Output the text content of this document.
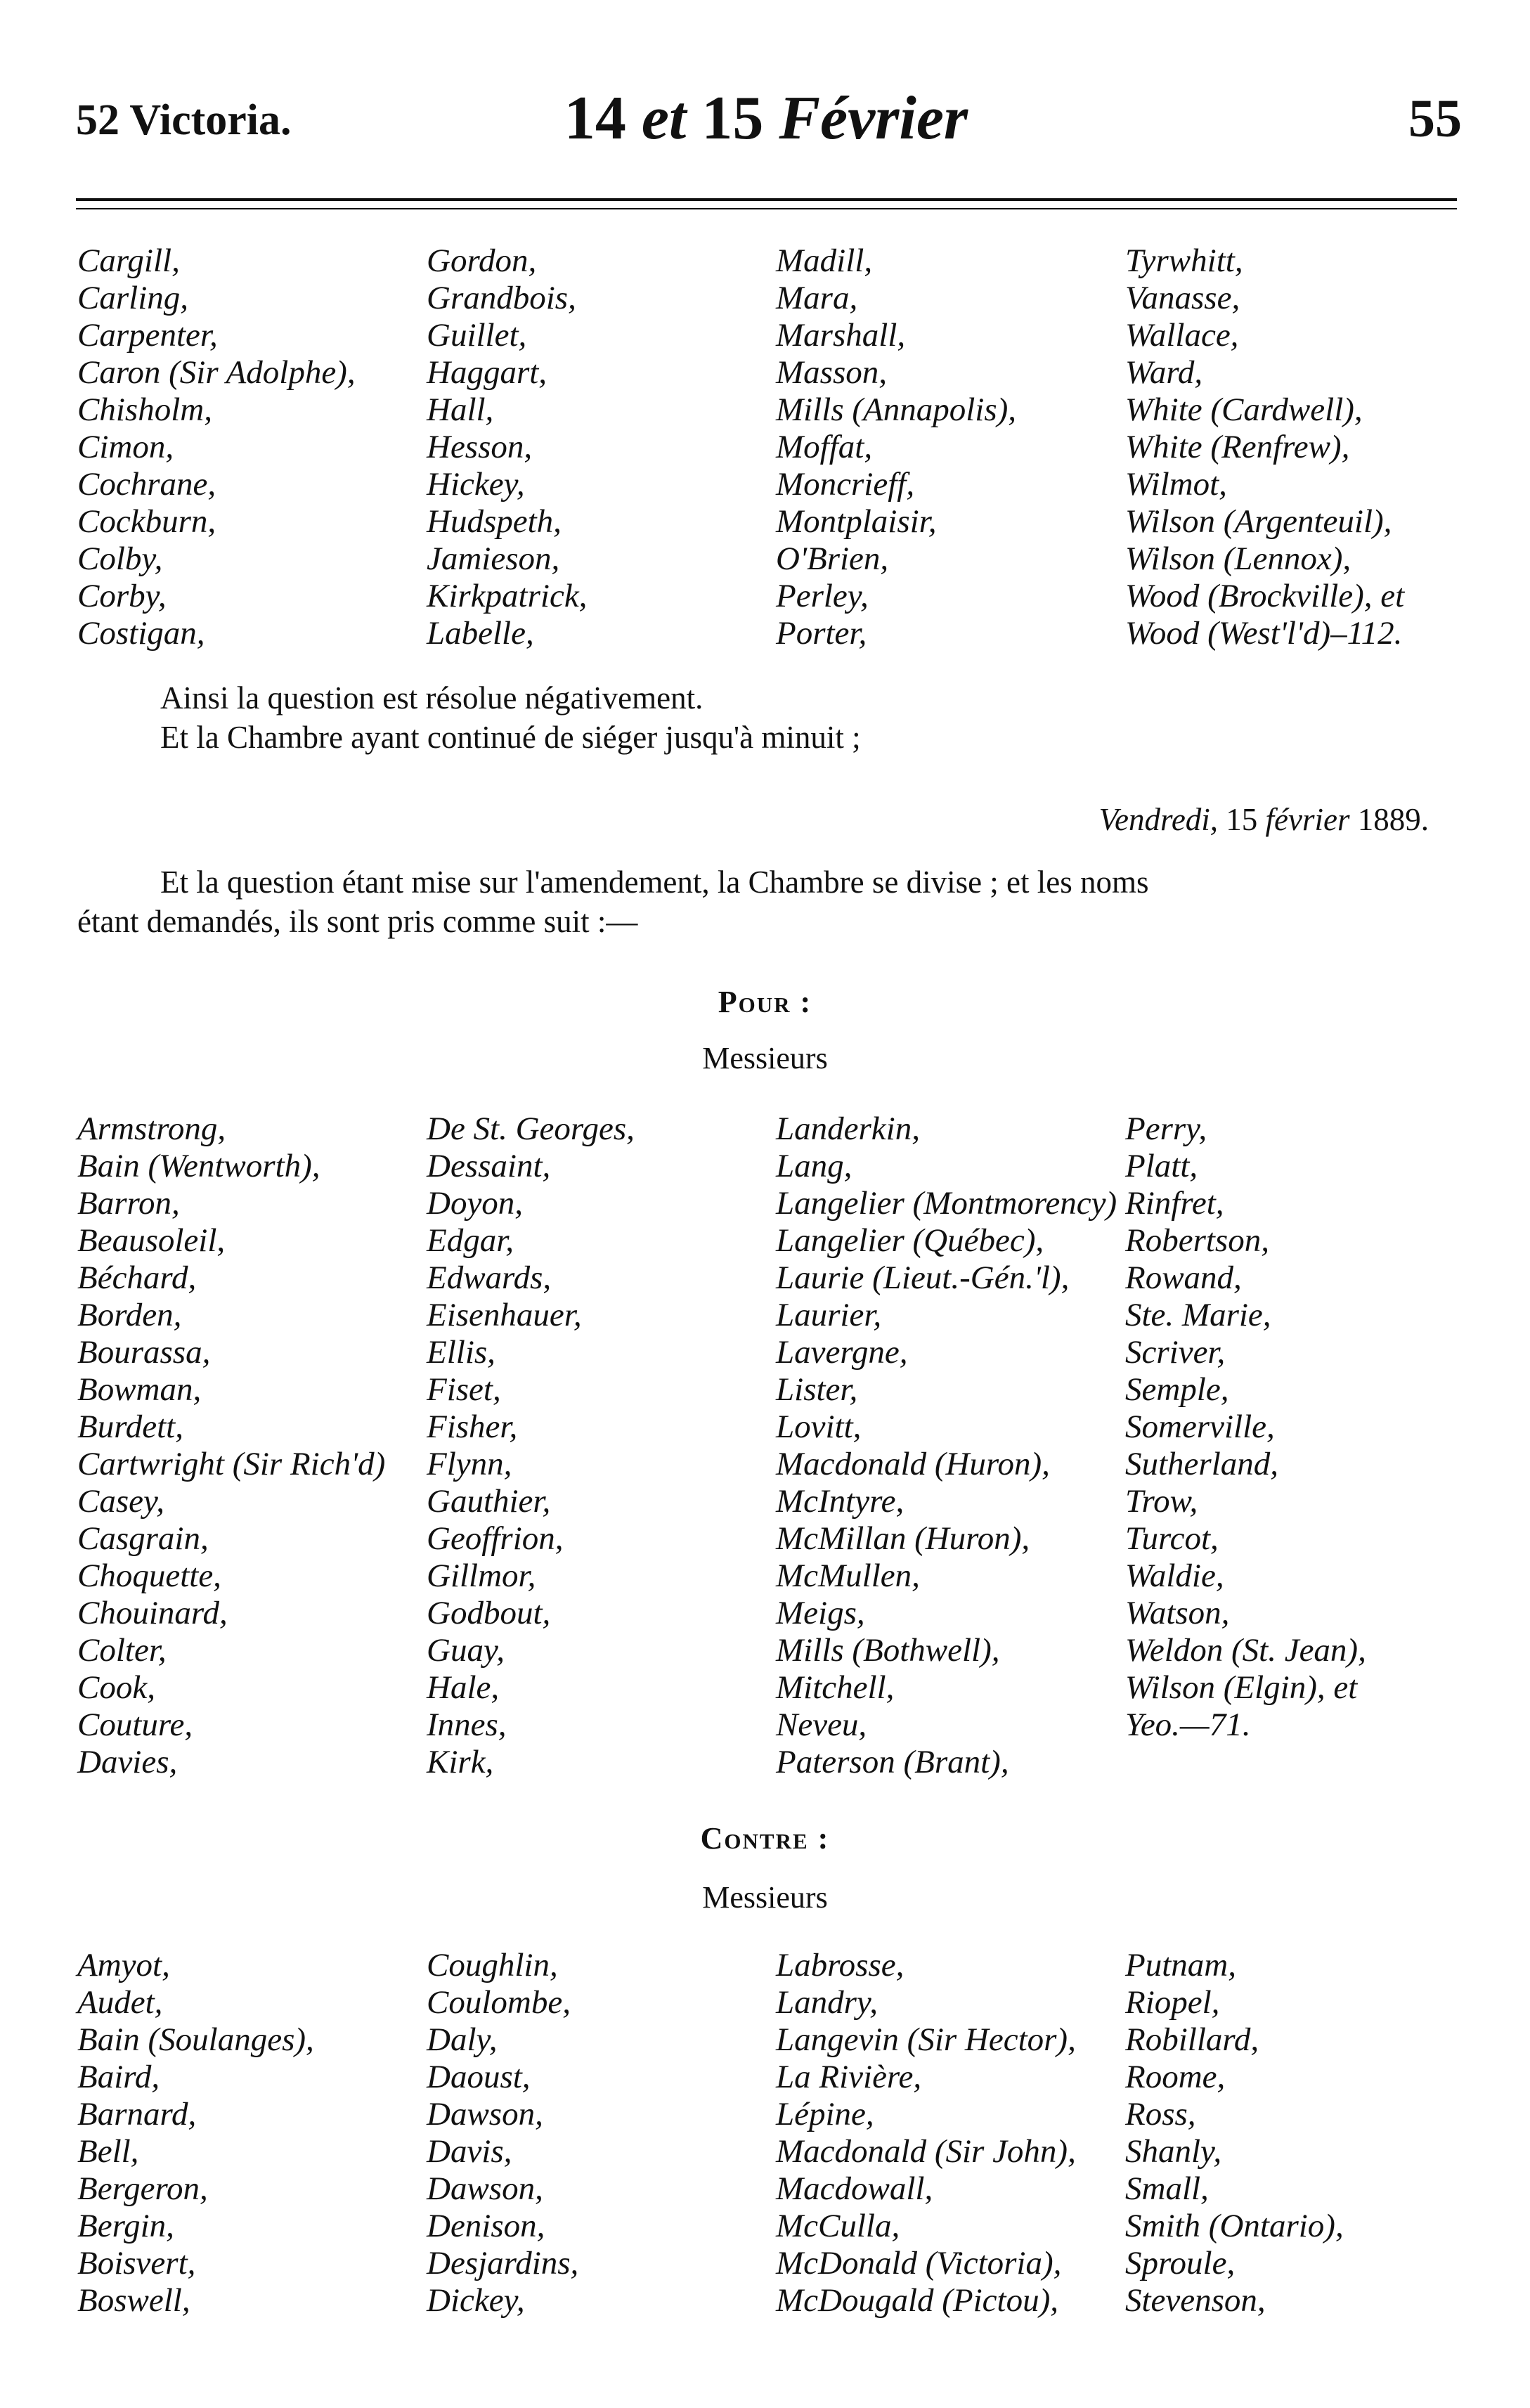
52 Victoria.	14 et 15 Février	55
Cargill,
Carling,
Carpenter,
Caron (Sir Adolphe),
Chisholm,
Cimon,
Cochrane,
Cockburn,
Colby,
Corby,
Costigan,
Gordon,
Grandbois,
Guillet,
Haggart,
Hall,
Hesson,
Hickey,
Hudspeth,
Jamieson,
Kirkpatrick,
Labelle,
Madill,
Mara,
Marshall,
Masson,
Mills (Annapolis),
Moffat,
Moncrieff,
Montplaisir,
O'Brien,
Perley,
Porter,
Tyrwhitt,
Vanasse,
Wallace,
Ward,
White (Cardwell),
White (Renfrew),
Wilmot,
Wilson (Argenteuil),
Wilson (Lennox),
Wood (Brockville), et
Wood (West'l'd)–112.
Ainsi la question est résolue négativement.
Et la Chambre ayant continué de siéger jusqu'à minuit ;
Vendredi, 15 février 1889.
Et la question étant mise sur l'amendement, la Chambre se divise ; et les noms
étant demandés, ils sont pris comme suit :—
Pour :
Messieurs
Armstrong,
Bain (Wentworth),
Barron,
Beausoleil,
Béchard,
Borden,
Bourassa,
Bowman,
Burdett,
Cartwright (Sir Rich'd)
Casey,
Casgrain,
Choquette,
Chouinard,
Colter,
Cook,
Couture,
Davies,
De St. Georges,
Dessaint,
Doyon,
Edgar,
Edwards,
Eisenhauer,
Ellis,
Fiset,
Fisher,
Flynn,
Gauthier,
Geoffrion,
Gillmor,
Godbout,
Guay,
Hale,
Innes,
Kirk,
Landerkin,
Lang,
Langelier (Montmorency)
Langelier (Québec),
Laurie (Lieut.-Gén.'l),
Laurier,
Lavergne,
Lister,
Lovitt,
Macdonald (Huron),
McIntyre,
McMillan (Huron),
McMullen,
Meigs,
Mills (Bothwell),
Mitchell,
Neveu,
Paterson (Brant),
Perry,
Platt,
Rinfret,
Robertson,
Rowand,
Ste. Marie,
Scriver,
Semple,
Somerville,
Sutherland,
Trow,
Turcot,
Waldie,
Watson,
Weldon (St. Jean),
Wilson (Elgin), et
Yeo.—71.
Contre :
Messieurs
Amyot,
Audet,
Bain (Soulanges),
Baird,
Barnard,
Bell,
Bergeron,
Bergin,
Boisvert,
Boswell,
Coughlin,
Coulombe,
Daly,
Daoust,
Dawson,
Davis,
Dawson,
Denison,
Desjardins,
Dickey,
Labrosse,
Landry,
Langevin (Sir Hector),
La Rivière,
Lépine,
Macdonald (Sir John),
Macdowall,
McCulla,
McDonald (Victoria),
McDougald (Pictou),
Putnam,
Riopel,
Robillard,
Roome,
Ross,
Shanly,
Small,
Smith (Ontario),
Sproule,
Stevenson,
